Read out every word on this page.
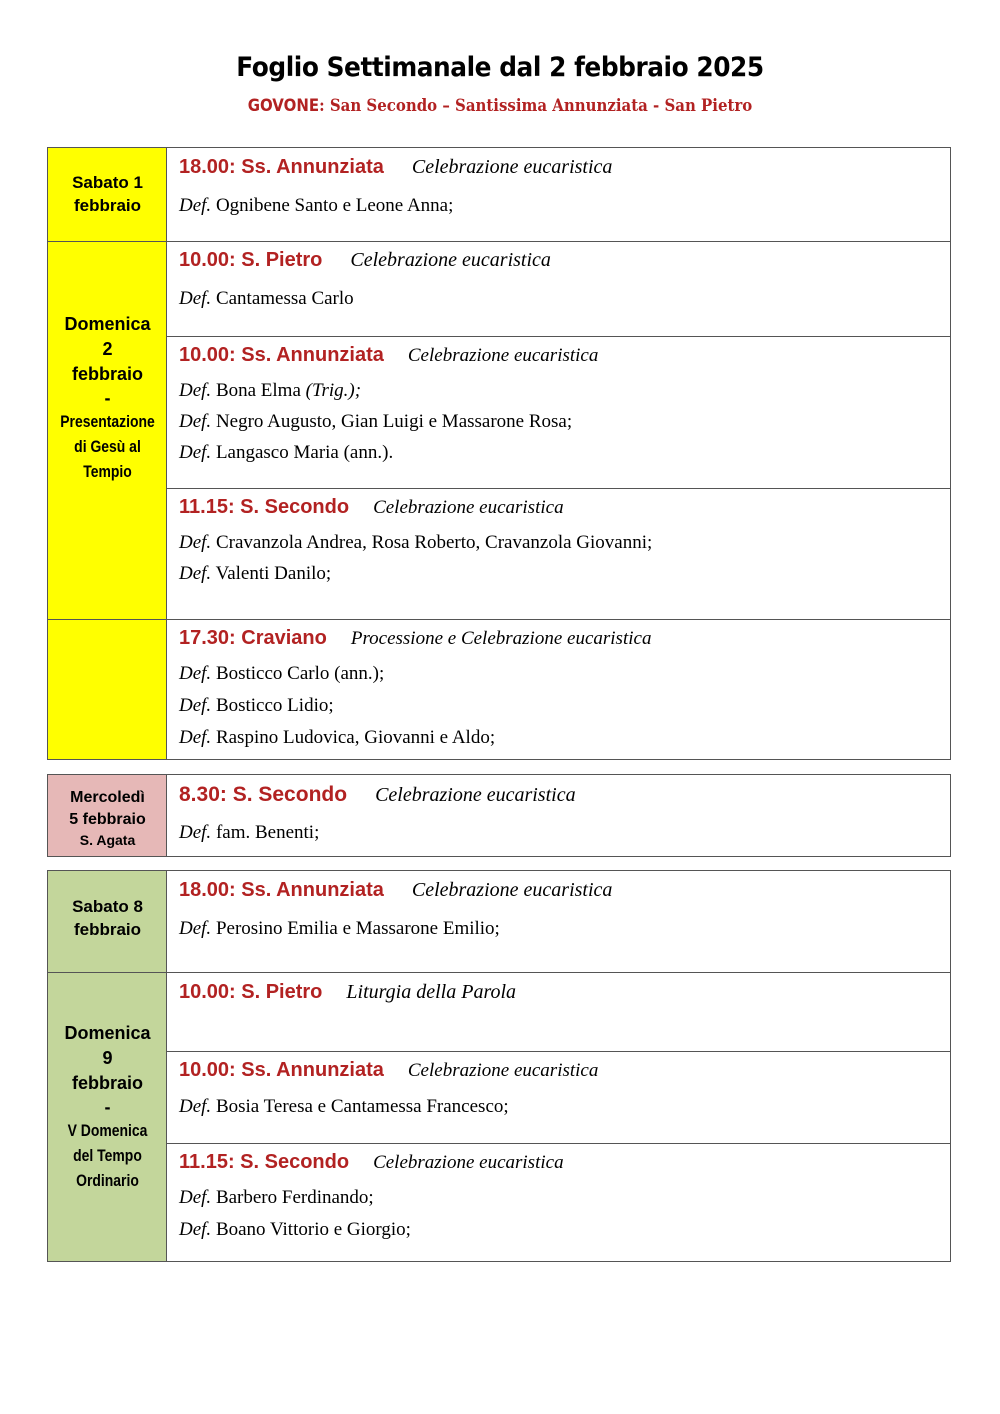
Foglio Settimanale dal 2 febbraio 2025
GOVONE: San Secondo – Santissima Annunziata - San Pietro
Sabato 1
febbraio
Domenica
2
febbraio
-
Presentazione
di Gesù al
Tempio
18.00: Ss. Annunziata Celebrazione eucaristica
Def. Ognibene Santo e Leone Anna;
10.00: S. Pietro Celebrazione eucaristica
Def. Cantamessa Carlo
10.00: Ss. Annunziata Celebrazione eucaristica
Def. Bona Elma (Trig.);
Def. Negro Augusto, Gian Luigi e Massarone Rosa;
Def. Langasco Maria (ann.).
11.15: S. Secondo Celebrazione eucaristica
Def. Cravanzola Andrea, Rosa Roberto, Cravanzola Giovanni;
Def. Valenti Danilo;
17.30: Craviano Processione e Celebrazione eucaristica
Def. Bosticco Carlo (ann.);
Def. Bosticco Lidio;
Def. Raspino Ludovica, Giovanni e Aldo;
Mercoledì
5 febbraio
S. Agata
8.30: S. Secondo Celebrazione eucaristica
Def. fam. Benenti;
Sabato 8
febbraio
Domenica
9
febbraio
-
V Domenica
del Tempo
Ordinario
18.00: Ss. Annunziata Celebrazione eucaristica
Def. Perosino Emilia e Massarone Emilio;
10.00: S. Pietro Liturgia della Parola
10.00: Ss. Annunziata Celebrazione eucaristica
Def. Bosia Teresa e Cantamessa Francesco;
11.15: S. Secondo Celebrazione eucaristica
Def. Barbero Ferdinando;
Def. Boano Vittorio e Giorgio;
